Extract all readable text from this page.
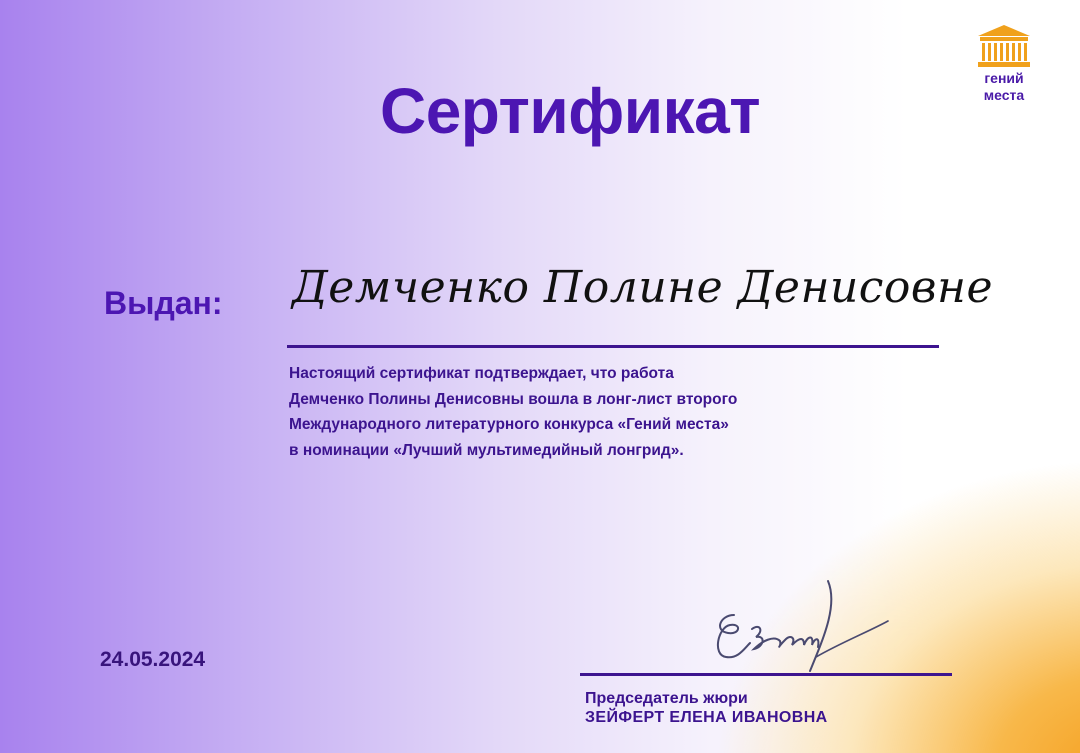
гений
места
Сертификат
Выдан: Демченко Полине Денисовне
Настоящий сертификат подтверждает, что работа
Демченко Полины Денисовны вошла в лонг-лист второго
Международного литературного конкурса «Гений места»
в номинации «Лучший мультимедийный лонгрид».
24.05.2024
Председатель жюри
ЗЕЙФЕРТ ЕЛЕНА ИВАНОВНА
